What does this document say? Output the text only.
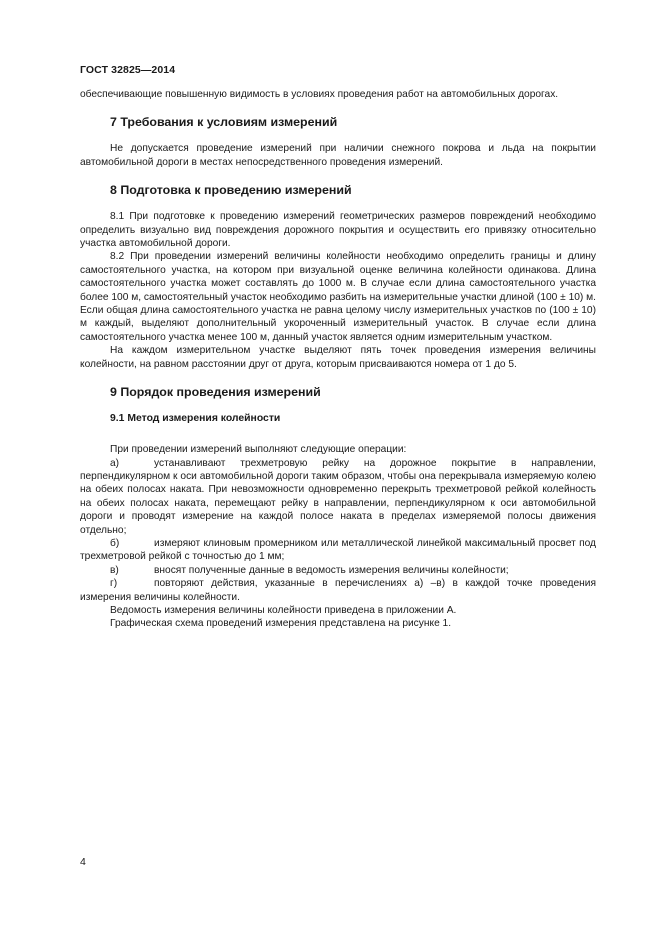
ГОСТ 32825—2014

обеспечивающие повышенную видимость в условиях проведения работ на автомобильных дорогах.

7 Требования к условиям измерений

Не допускается проведение измерений при наличии снежного покрова и льда на покрытии автомобильной дороги в местах непосредственного проведения измерений.

8 Подготовка к проведению измерений

8.1 При подготовке к проведению измерений геометрических размеров повреждений необходимо определить визуально вид повреждения дорожного покрытия и осуществить его привязку относительно участка автомобильной дороги.

8.2 При проведении измерений величины колейности необходимо определить границы и длину самостоятельного участка, на котором при визуальной оценке величина колейности одинакова. Длина самостоятельного участка может составлять до 1000 м. В случае если длина самостоятельного участка более 100 м, самостоятельный участок необходимо разбить на измерительные участки длиной (100 ± 10) м. Если общая длина самостоятельного участка не равна целому числу измерительных участков по (100 ± 10) м каждый, выделяют дополнительный укороченный измерительный участок. В случае если длина самостоятельного участка менее 100 м, данный участок является одним измерительным участком.

На каждом измерительном участке выделяют пять точек проведения измерения величины колейности, на равном расстоянии друг от друга, которым присваиваются номера от 1 до 5.

9 Порядок проведения измерений
9.1 Метод измерения колейности

При проведении измерений выполняют следующие операции:

а)	устанавливают трехметровую рейку на дорожное покрытие в направлении, перпендикулярном к оси автомобильной дороги таким образом, чтобы она перекрывала измеряемую колею на обеих полосах наката. При невозможности одновременно перекрыть трехметровой рейкой колейность на обеих полосах наката, перемещают рейку в направлении, перпендикулярном к оси автомобильной дороги и проводят измерение на каждой полосе наката в пределах измеряемой полосы движения отдельно;

б)	измеряют клиновым промерником или металлической линейкой максимальный просвет под трехметровой рейкой с точностью до 1 мм;

в)	вносят полученные данные в ведомость измерения величины колейности;

г)	повторяют действия, указанные в перечислениях а) –в) в каждой точке проведения измерения величины колейности.

Ведомость измерения величины колейности приведена в приложении А.

Графическая схема проведений измерения представлена на рисунке 1.

4
